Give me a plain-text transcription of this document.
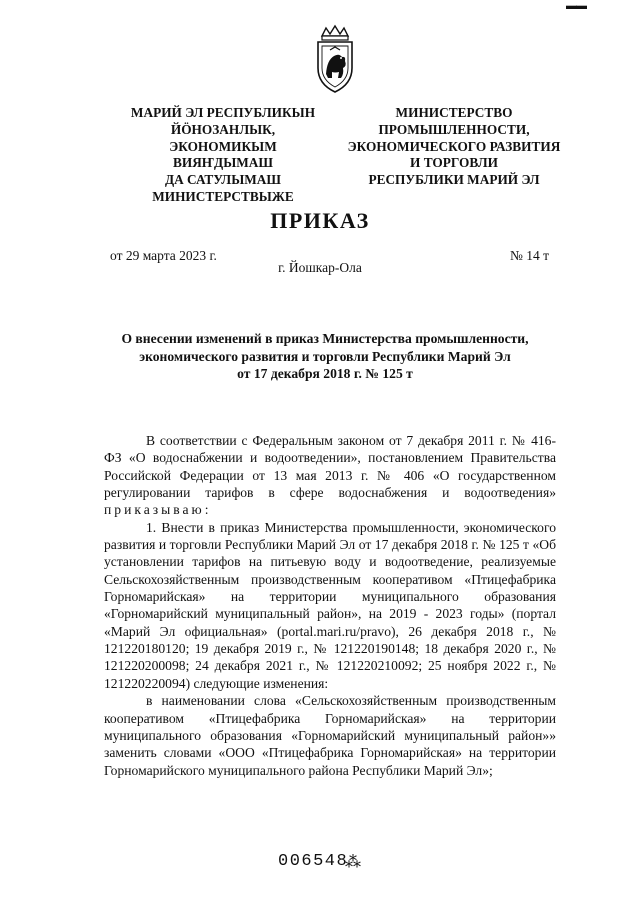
▬▬
МАРИЙ ЭЛ РЕСПУБЛИКЫН
ЙӦНОЗАНЛЫК, ЭКОНОМИКЫМ
ВИЯҤДЫМАШ
ДА САТУЛЫМАШ
МИНИСТЕРСТВЫЖЕ
МИНИСТЕРСТВО
ПРОМЫШЛЕННОСТИ,
ЭКОНОМИЧЕСКОГО РАЗВИТИЯ
И ТОРГОВЛИ
РЕСПУБЛИКИ МАРИЙ ЭЛ
ПРИКАЗ
от 29 марта 2023 г.	№ 14 т
г. Йошкар-Ола
О внесении изменений в приказ Министерства промышленности,
экономического развития и торговли Республики Марий Эл
от 17 декабря 2018 г. № 125 т

В соответствии с Федеральным законом от 7 декабря 2011 г. № 416-ФЗ «О водоснабжении и водоотведении», постановлением Правительства Российской Федерации от 13 мая 2013 г. № 406 «О государственном регулировании тарифов в сфере водоснабжения и водоотведения» приказываю:

1. Внести в приказ Министерства промышленности, экономического развития и торговли Республики Марий Эл от 17 декабря 2018 г. № 125 т «Об установлении тарифов на питьевую воду и водоотведение, реализуемые Сельскохозяйственным производственным кооперативом «Птицефабрика Горномарийская» на территории муниципального образования «Горномарийский муниципальный район», на 2019 - 2023 годы» (портал «Марий Эл официальная» (portal.mari.ru/pravo), 26 декабря 2018 г., № 121220180120; 19 декабря 2019 г., № 121220190148; 18 декабря 2020 г., № 121220200098; 24 декабря 2021 г., № 121220210092; 25 ноября 2022 г., № 121220220094) следующие изменения:

в наименовании слова «Сельскохозяйственным производственным кооперативом «Птицефабрика Горномарийская» на территории муниципального образования «Горномарийский муниципальный район»» заменить словами «ООО «Птицефабрика Горномарийская» на территории Горномарийского муниципального района Республики Марий Эл»;

006548
⁂
